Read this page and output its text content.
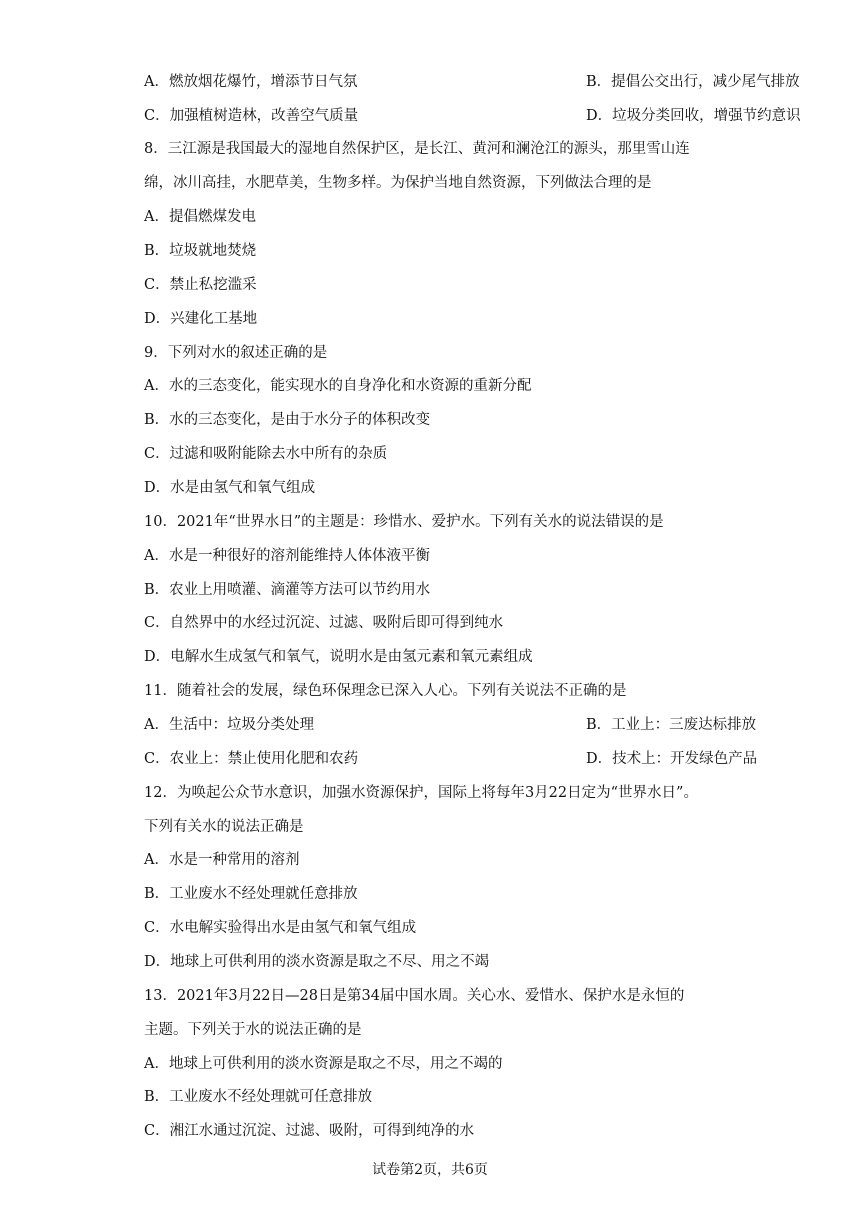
A．燃放烟花爆竹，增添节日气氛	B．提倡公交出行，减少尾气排放
C．加强植树造林，改善空气质量	D．垃圾分类回收，增强节约意识
8．三江源是我国最大的湿地自然保护区，是长江、黄河和澜沧江的源头，那里雪山连
绵，冰川高挂，水肥草美，生物多样。为保护当地自然资源，下列做法合理的是
A．提倡燃煤发电
B．垃圾就地焚烧
C．禁止私挖滥采
D．兴建化工基地
9．下列对水的叙述正确的是
A．水的三态变化，能实现水的自身净化和水资源的重新分配
B．水的三态变化，是由于水分子的体积改变
C．过滤和吸附能除去水中所有的杂质
D．水是由氢气和氧气组成
10．2021年“世界水日”的主题是：珍惜水、爱护水。下列有关水的说法错误的是
A．水是一种很好的溶剂能维持人体体液平衡
B．农业上用喷灌、滴灌等方法可以节约用水
C．自然界中的水经过沉淀、过滤、吸附后即可得到纯水
D．电解水生成氢气和氧气，说明水是由氢元素和氧元素组成
11．随着社会的发展，绿色环保理念已深入人心。下列有关说法不正确的是
A．生活中：垃圾分类处理	B．工业上：三废达标排放
C．农业上：禁止使用化肥和农药	D．技术上：开发绿色产品
12．为唤起公众节水意识，加强水资源保护，国际上将每年3月22日定为“世界水日”。
下列有关水的说法正确是
A．水是一种常用的溶剂
B．工业废水不经处理就任意排放
C．水电解实验得出水是由氢气和氧气组成
D．地球上可供利用的淡水资源是取之不尽、用之不竭
13．2021年3月22日—28日是第34届中国水周。关心水、爱惜水、保护水是永恒的
主题。下列关于水的说法正确的是
A．地球上可供利用的淡水资源是取之不尽，用之不竭的
B．工业废水不经处理就可任意排放
C．湘江水通过沉淀、过滤、吸附，可得到纯净的水
试卷第2页，共6页
